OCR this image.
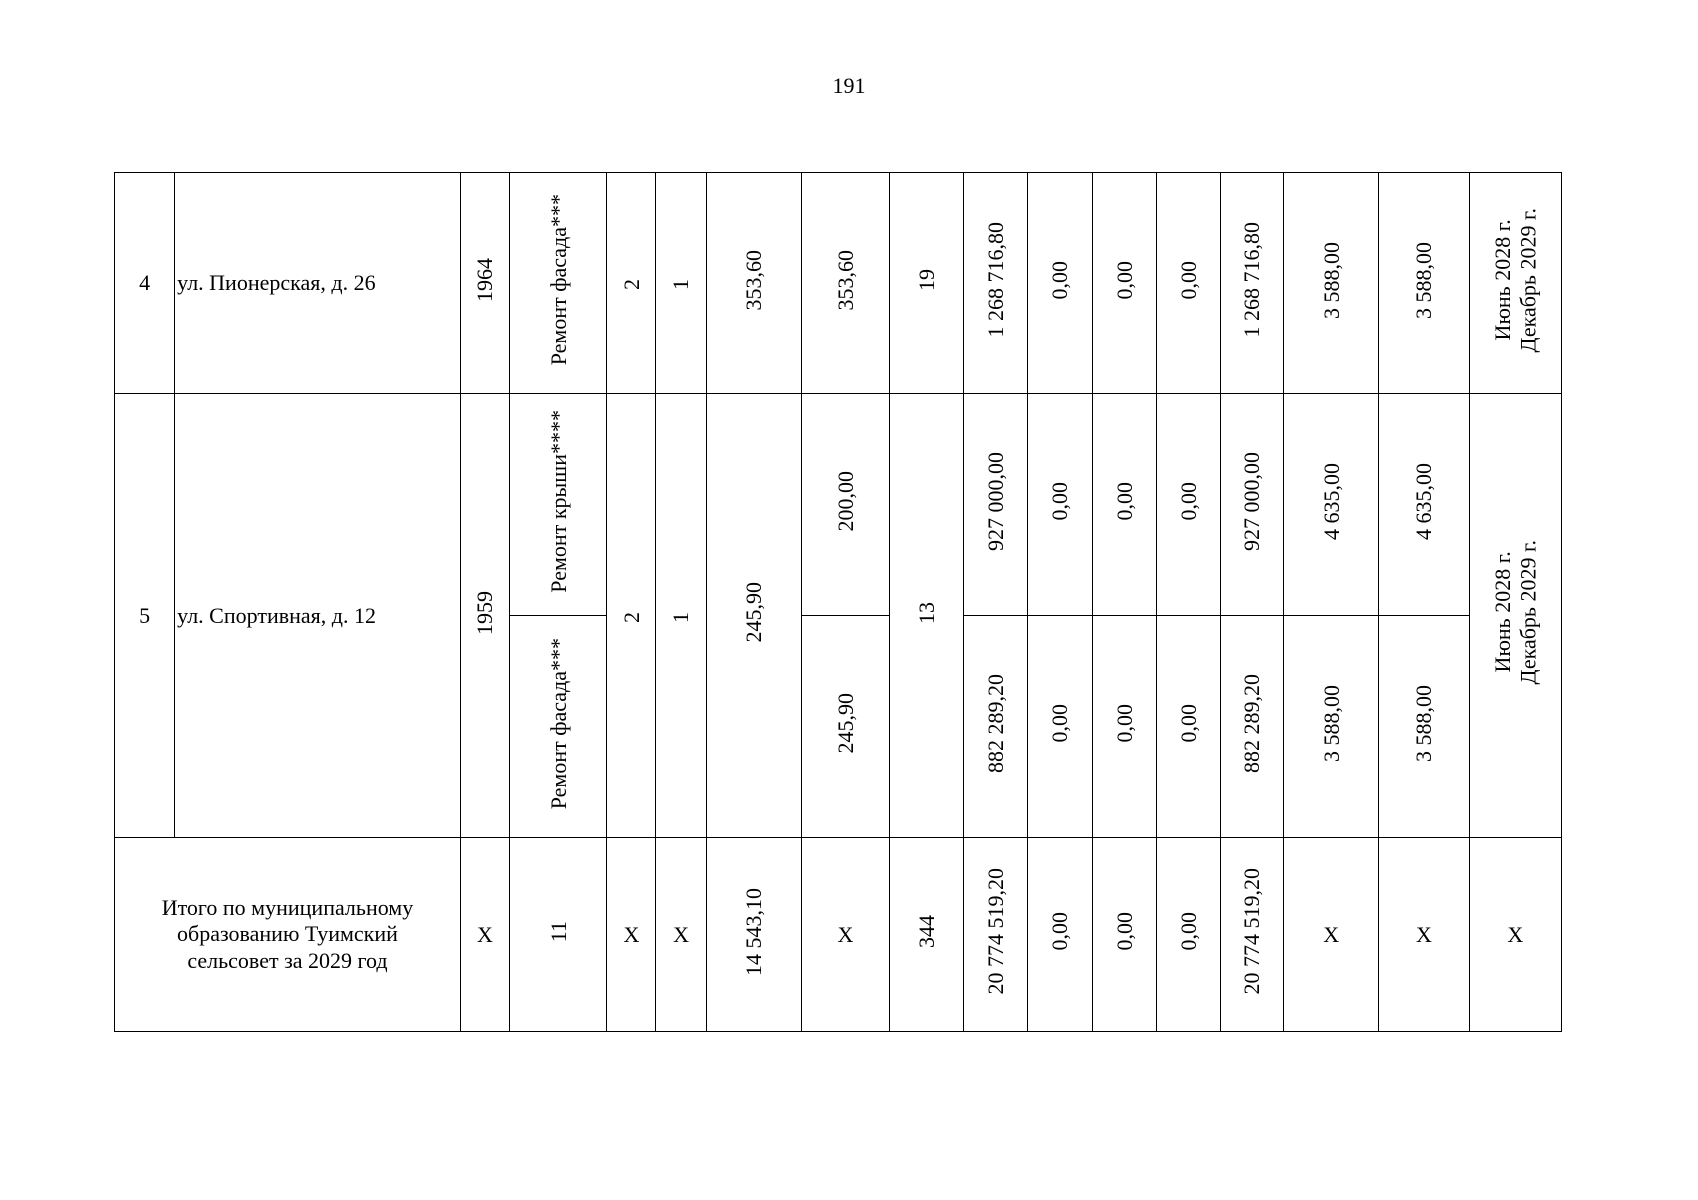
191
4	ул. Пионерская, д. 26	1964	Ремонт фасада***	2	1	353,60	353,60	19	1 268 716,80	0,00	0,00	0,00	1 268 716,80	3 588,00	3 588,00	Июнь 2028 г.
Декабрь 2029 г.
5	ул. Спортивная, д. 12	1959	Ремонт крыши****	2	1	245,90	200,00	13	927 000,00	0,00	0,00	0,00	927 000,00	4 635,00	4 635,00	Июнь 2028 г.
Декабрь 2029 г.
			Ремонт фасада***				245,90		882 289,20	0,00	0,00	0,00	882 289,20	3 588,00	3 588,00	
Итого по муниципальному
образованию Туимский
сельсовет за 2029 год		Х	11	Х	Х	14 543,10	Х	344	20 774 519,20	0,00	0,00	0,00	20 774 519,20	Х	Х	Х
